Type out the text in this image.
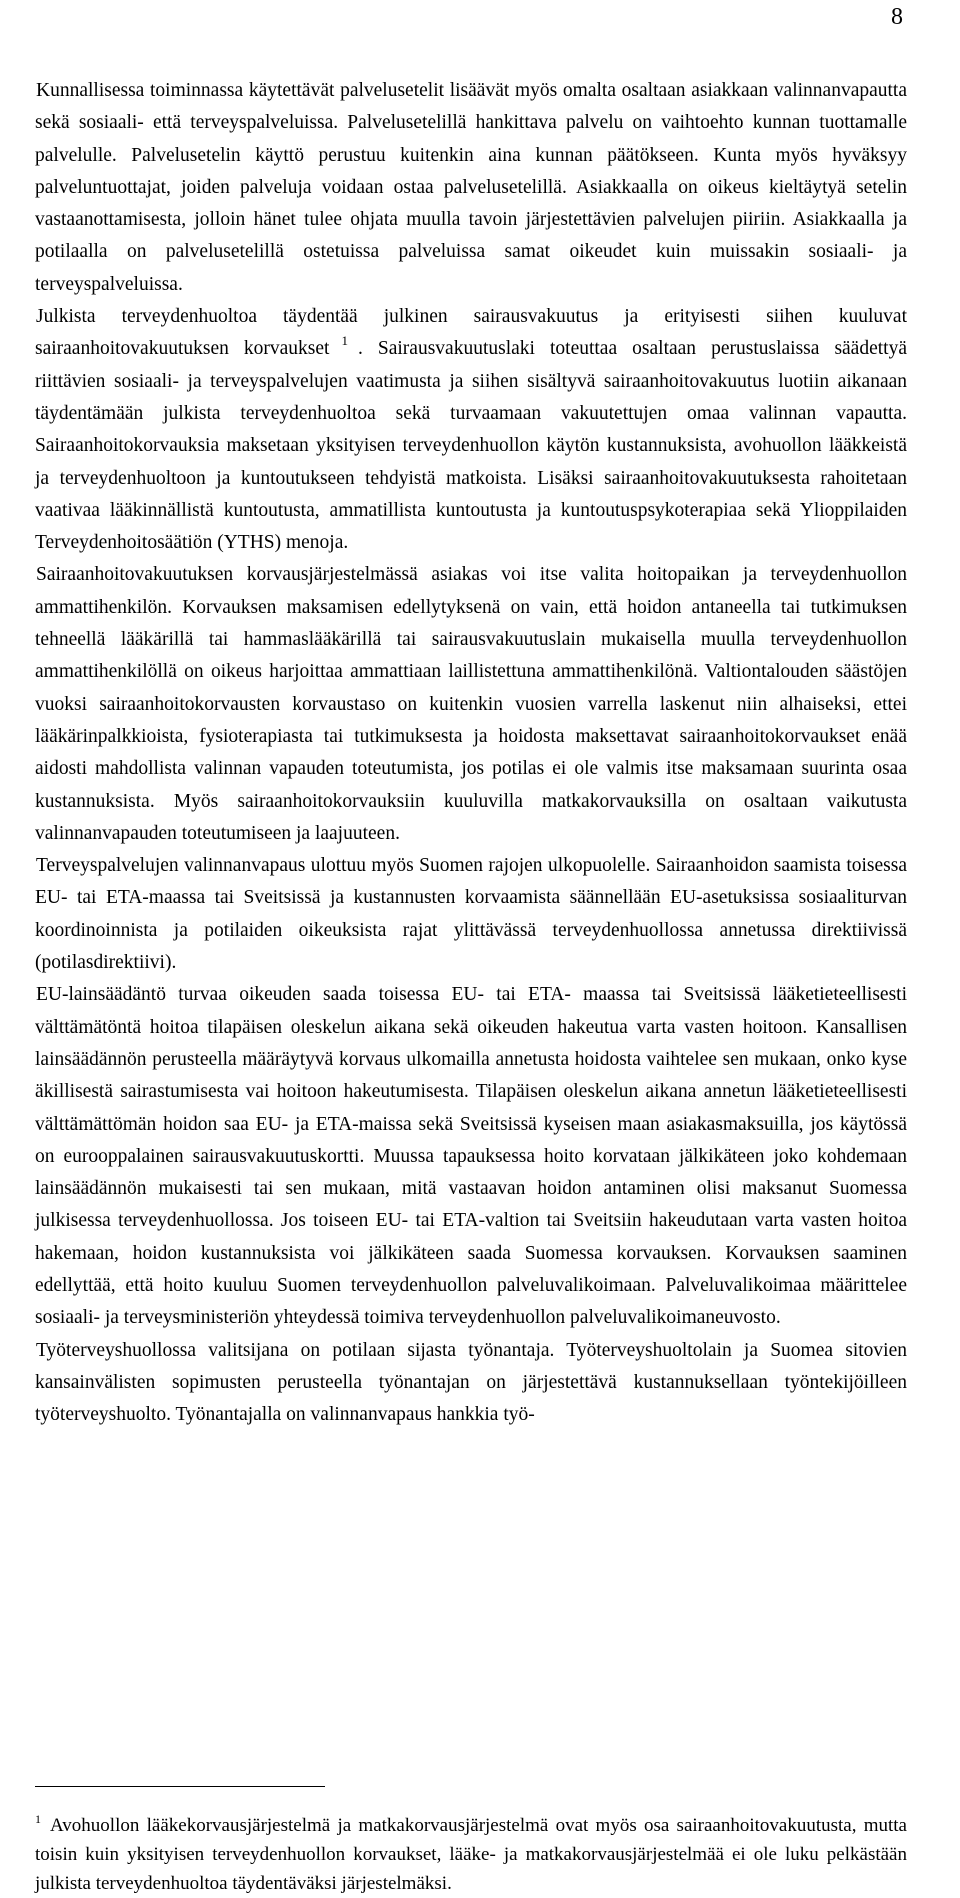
8

Kunnallisessa toiminnassa käytettävät palvelusetelit lisäävät myös omalta osaltaan asiakkaan valinnanvapautta sekä sosiaali- että terveyspalveluissa. Palvelusetelillä hankittava palvelu on vaihtoehto kunnan tuottamalle palvelulle. Palvelusetelin käyttö perustuu kuitenkin aina kunnan päätökseen. Kunta myös hyväksyy palveluntuottajat, joiden palveluja voidaan ostaa palvelusetelillä. Asiakkaalla on oikeus kieltäytyä setelin vastaanottamisesta, jolloin hänet tulee ohjata muulla tavoin järjestettävien palvelujen piiriin. Asiakkaalla ja potilaalla on palvelusetelillä ostetuissa palveluissa samat oikeudet kuin muissakin sosiaali- ja terveyspalveluissa.

Julkista terveydenhuoltoa täydentää julkinen sairausvakuutus ja erityisesti siihen kuuluvat sairaanhoitovakuutuksen korvaukset $^1$ . Sairausvakuutuslaki toteuttaa osaltaan perustuslaissa säädettyä riittävien sosiaali- ja terveyspalvelujen vaatimusta ja siihen sisältyvä sairaanhoitovakuutus luotiin aikanaan täydentämään julkista terveydenhuoltoa sekä turvaamaan vakuutettujen omaa valinnan vapautta. Sairaanhoitokorvauksia maksetaan yksityisen terveydenhuollon käytön kustannuksista, avohuollon lääkkeistä ja terveydenhuoltoon ja kuntoutukseen tehdyistä matkoista. Lisäksi sairaanhoitovakuutuksesta rahoitetaan vaativaa lääkinnällistä kuntoutusta, ammatillista kuntoutusta ja kuntoutuspsykoterapiaa sekä Ylioppilaiden Terveydenhoitosäätiön (YTHS) menoja.

Sairaanhoitovakuutuksen korvausjärjestelmässä asiakas voi itse valita hoitopaikan ja terveydenhuollon ammattihenkilön. Korvauksen maksamisen edellytyksenä on vain, että hoidon antaneella tai tutkimuksen tehneellä lääkärillä tai hammaslääkärillä tai sairausvakuutuslain mukaisella muulla terveydenhuollon ammattihenkilöllä on oikeus harjoittaa ammattiaan laillistettuna ammattihenkilönä. Valtiontalouden säästöjen vuoksi sairaanhoitokorvausten korvaustaso on kuitenkin vuosien varrella laskenut niin alhaiseksi, ettei lääkärinpalkkioista, fysioterapiasta tai tutkimuksesta ja hoidosta maksettavat sairaanhoitokorvaukset enää aidosti mahdollista valinnan vapauden toteutumista, jos potilas ei ole valmis itse maksamaan suurinta osaa kustannuksista. Myös sairaanhoitokorvauksiin kuuluvilla matkakorvauksilla on osaltaan vaikutusta valinnanvapauden toteutumiseen ja laajuuteen.

Terveyspalvelujen valinnanvapaus ulottuu myös Suomen rajojen ulkopuolelle. Sairaanhoidon saamista toisessa EU- tai ETA-maassa tai Sveitsissä ja kustannusten korvaamista säännellään EU-asetuksissa sosiaaliturvan koordinoinnista ja potilaiden oikeuksista rajat ylittävässä terveydenhuollossa annetussa direktiivissä (potilasdirektiivi).

EU-lainsäädäntö turvaa oikeuden saada toisessa EU- tai ETA- maassa tai Sveitsissä lääketieteellisesti välttämätöntä hoitoa tilapäisen oleskelun aikana sekä oikeuden hakeutua varta vasten hoitoon. Kansallisen lainsäädännön perusteella määräytyvä korvaus ulkomailla annetusta hoidosta vaihtelee sen mukaan, onko kyse äkillisestä sairastumisesta vai hoitoon hakeutumisesta. Tilapäisen oleskelun aikana annetun lääketieteellisesti välttämättömän hoidon saa EU- ja ETA-maissa sekä Sveitsissä kyseisen maan asiakasmaksuilla, jos käytössä on eurooppalainen sairausvakuutuskortti. Muussa tapauksessa hoito korvataan jälkikäteen joko kohdemaan lainsäädännön mukaisesti tai sen mukaan, mitä vastaavan hoidon antaminen olisi maksanut Suomessa julkisessa terveydenhuollossa. Jos toiseen EU- tai ETA-valtion tai Sveitsiin hakeudutaan varta vasten hoitoa hakemaan, hoidon kustannuksista voi jälkikäteen saada Suomessa korvauksen. Korvauksen saaminen edellyttää, että hoito kuuluu Suomen terveydenhuollon palveluvalikoimaan. Palveluvalikoimaa määrittelee sosiaali- ja terveysministeriön yhteydessä toimiva terveydenhuollon palveluvalikoimaneuvosto.

Työterveyshuollossa valitsijana on potilaan sijasta työnantaja. Työterveyshuoltolain ja Suomea sitovien kansainvälisten sopimusten perusteella työnantajan on järjestettävä kustannuksellaan työntekijöilleen työterveyshuolto. Työnantajalla on valinnanvapaus hankkia työ-

$^1$ Avohuollon lääkekorvausjärjestelmä ja matkakorvausjärjestelmä ovat myös osa sairaanhoitovakuutusta, mutta toisin kuin yksityisen terveydenhuollon korvaukset, lääke- ja matkakorvausjärjestelmää ei ole luku pelkästään julkista terveydenhuoltoa täydentäväksi järjestelmäksi.
